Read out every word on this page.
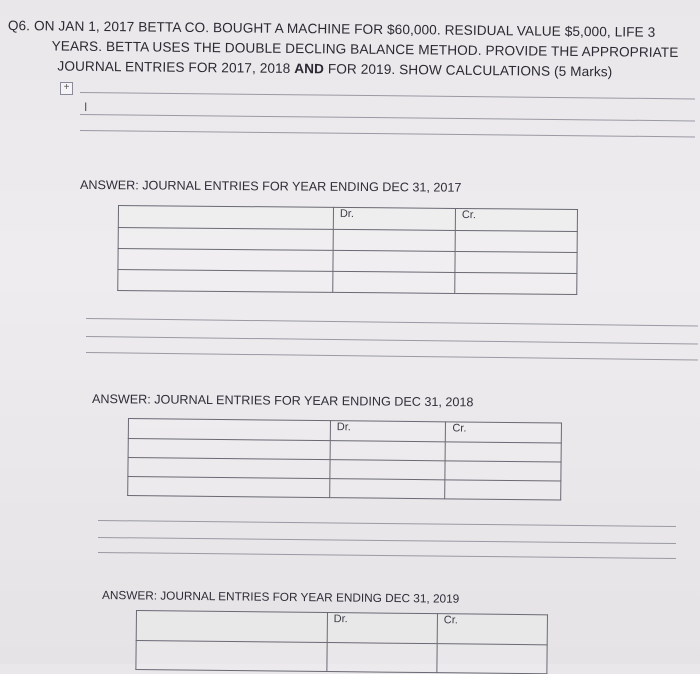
Q6. ON JAN 1, 2017 BETTA CO. BOUGHT A MACHINE FOR $60,000. RESIDUAL VALUE $5,000, LIFE 3
YEARS. BETTA USES THE DOUBLE DECLING BALANCE METHOD. PROVIDE THE APPROPRIATE
JOURNAL ENTRIES FOR 2017, 2018 AND FOR 2019. SHOW CALCULATIONS (5 Marks)
+
I
ANSWER: JOURNAL ENTRIES FOR YEAR ENDING DEC 31, 2017
	Dr.	Cr.

ANSWER: JOURNAL ENTRIES FOR YEAR ENDING DEC 31, 2018
	Dr.	Cr.

ANSWER: JOURNAL ENTRIES FOR YEAR ENDING DEC 31, 2019
	Dr.	Cr.
